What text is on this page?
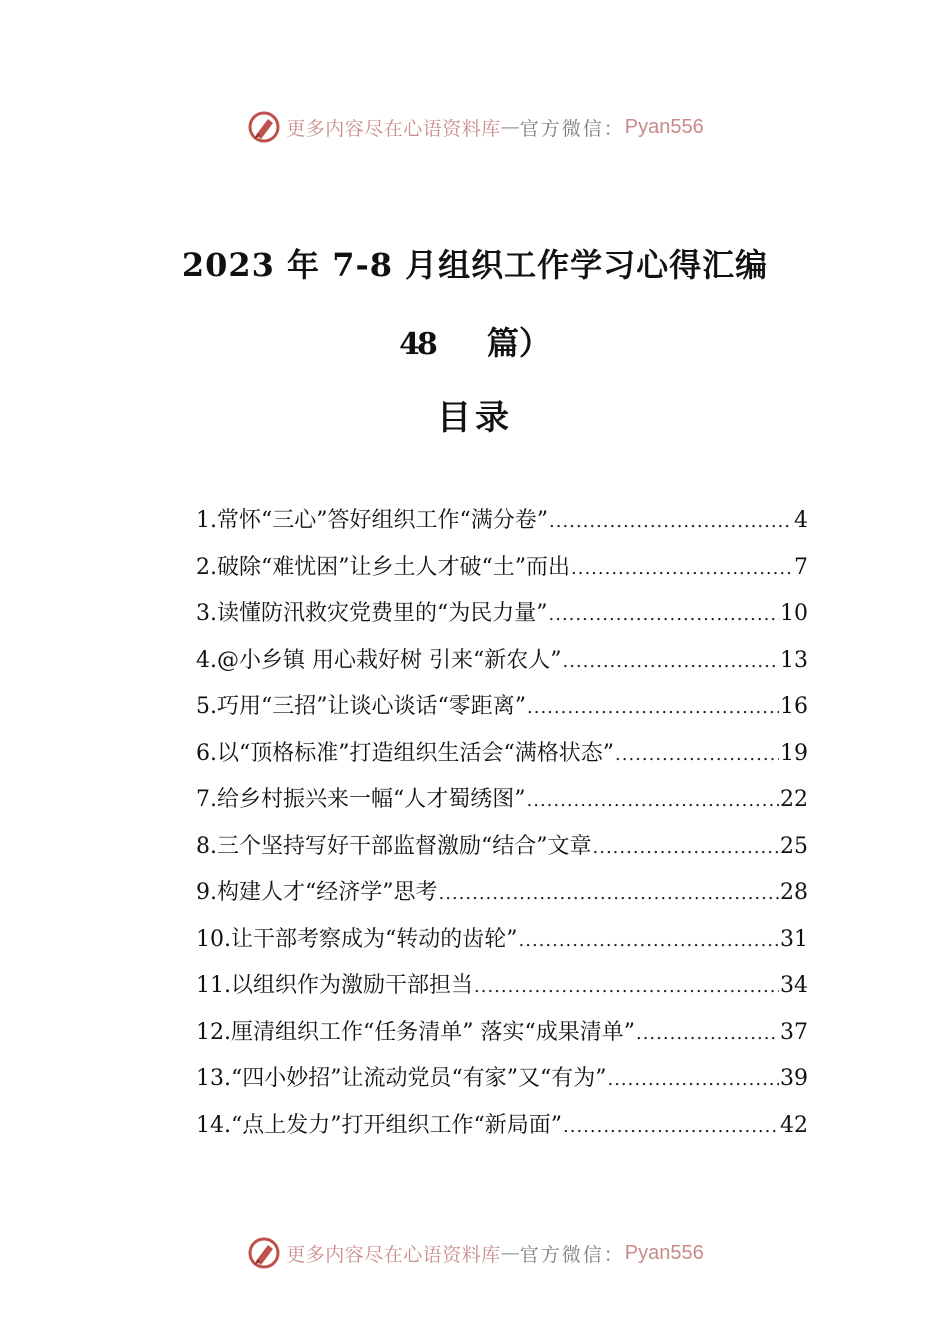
更多内容尽在心语资料库 — 官方微信： Pyan556
2023 年 7-8 月组织工作学习心得汇编
48 篇）
目录
1. 常怀“三心”答好组织工作“满分卷” .....	4
2. 破除“难忧困”让乡土人才破“土”而出 .....	7
3. 读懂防汛救灾党费里的“为民力量” .....	10
4. @小乡镇 用心栽好树 引来“新农人” .....	13
5. 巧用“三招”让谈心谈话“零距离” .....	16
6. 以“顶格标准”打造组织生活会“满格状态” .....	19
7. 给乡村振兴来一幅“人才蜀绣图” .....	22
8. 三个坚持写好干部监督激励“结合”文章 .....	25
9. 构建人才“经济学”思考 .....	28
10. 让干部考察成为“转动的齿轮” .....	31
11. 以组织作为激励干部担当 .....	34
12. 厘清组织工作“任务清单” 落实“成果清单” .....	37
13. “四小妙招”让流动党员“有家”又“有为” .....	39
14. “点上发力”打开组织工作“新局面” .....	42
更多内容尽在心语资料库 — 官方微信： Pyan556
